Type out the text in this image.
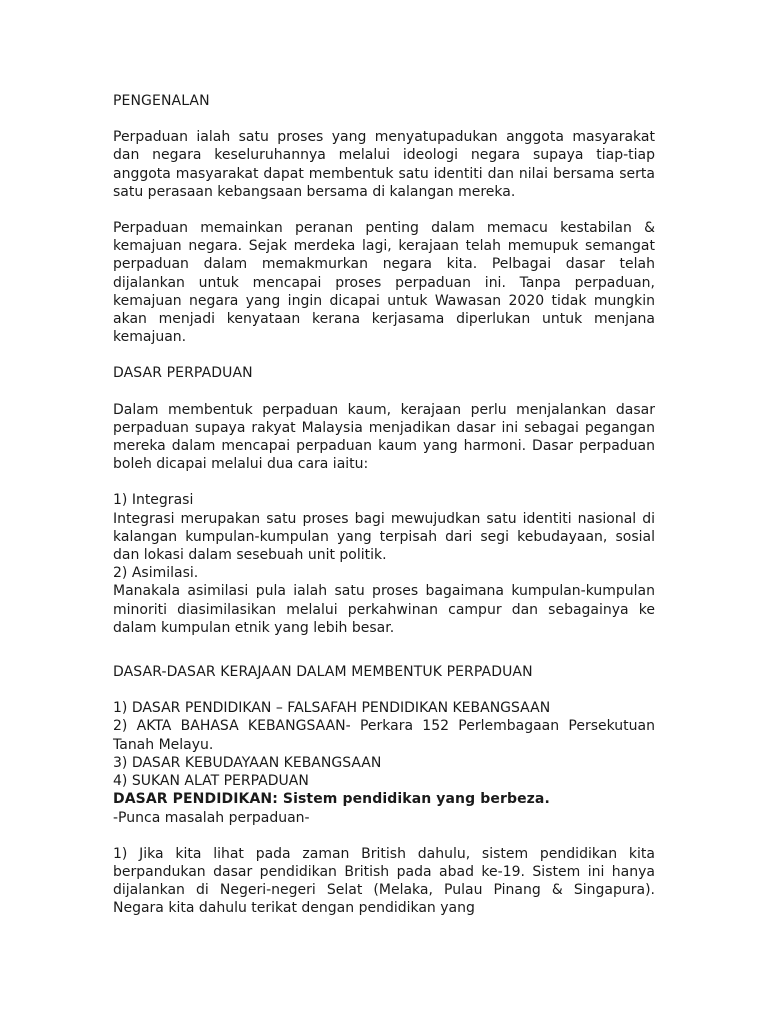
PENGENALAN

Perpaduan ialah satu proses yang menyatupadukan anggota masyarakat dan negara keseluruhannya melalui ideologi negara supaya tiap-tiap anggota masyarakat dapat membentuk satu identiti dan nilai bersama serta satu perasaan kebangsaan bersama di kalangan mereka.

Perpaduan memainkan peranan penting dalam memacu kestabilan & kemajuan negara. Sejak merdeka lagi, kerajaan telah memupuk semangat perpaduan dalam memakmurkan negara kita. Pelbagai dasar telah dijalankan untuk mencapai proses perpaduan ini. Tanpa perpaduan, kemajuan negara yang ingin dicapai untuk Wawasan 2020 tidak mungkin akan menjadi kenyataan kerana kerjasama diperlukan untuk menjana kemajuan.

DASAR PERPADUAN

Dalam membentuk perpaduan kaum, kerajaan perlu menjalankan dasar perpaduan supaya rakyat Malaysia menjadikan dasar ini sebagai pegangan mereka dalam mencapai perpaduan kaum yang harmoni. Dasar perpaduan boleh dicapai melalui dua cara iaitu:

1) Integrasi

Integrasi merupakan satu proses bagi mewujudkan satu identiti nasional di kalangan kumpulan-kumpulan yang terpisah dari segi kebudayaan, sosial dan lokasi dalam sesebuah unit politik.

2) Asimilasi.

Manakala asimilasi pula ialah satu proses bagaimana kumpulan-kumpulan minoriti diasimilasikan melalui perkahwinan campur dan sebagainya ke dalam kumpulan etnik yang lebih besar.

DASAR-DASAR KERAJAAN DALAM MEMBENTUK PERPADUAN
1) DASAR PENDIDIKAN – FALSAFAH PENDIDIKAN KEBANGSAAN

2) AKTA BAHASA KEBANGSAAN- Perkara 152 Perlembagaan Persekutuan Tanah Melayu.

3) DASAR KEBUDAYAAN KEBANGSAAN
4) SUKAN ALAT PERPADUAN
DASAR PENDIDIKAN: Sistem pendidikan yang berbeza.
-Punca masalah perpaduan-

1) Jika kita lihat pada zaman British dahulu, sistem pendidikan kita berpandukan dasar pendidikan British pada abad ke-19. Sistem ini hanya dijalankan di Negeri-negeri Selat (Melaka, Pulau Pinang & Singapura). Negara kita dahulu terikat dengan pendidikan yang
